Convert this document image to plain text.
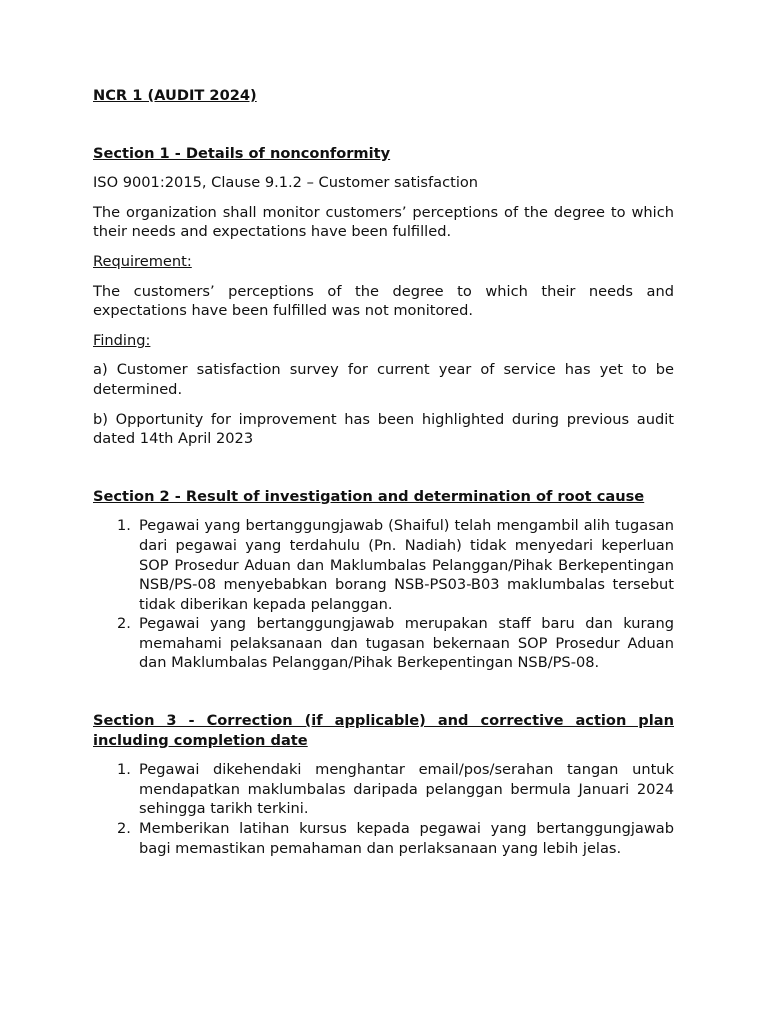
NCR 1 (AUDIT 2024)
Section 1 - Details of nonconformity

ISO 9001:2015, Clause 9.1.2 – Customer satisfaction

The organization shall monitor customers’ perceptions of the degree to which their needs and expectations have been fulfilled.

Requirement:

The customers’ perceptions of the degree to which their needs and expectations have been fulfilled was not monitored.

Finding:

a) Customer satisfaction survey for current year of service has yet to be determined.

b) Opportunity for improvement has been highlighted during previous audit dated 14th April 2023

Section 2 - Result of investigation and determination of root cause
1. Pegawai yang bertanggungjawab (Shaiful) telah mengambil alih tugasan dari pegawai yang terdahulu (Pn. Nadiah) tidak menyedari keperluan SOP Prosedur Aduan dan Maklumbalas Pelanggan/Pihak Berkepentingan NSB/PS-08 menyebabkan borang NSB-PS03-B03 maklumbalas tersebut tidak diberikan kepada pelanggan.
2. Pegawai yang bertanggungjawab merupakan staff baru dan kurang memahami pelaksanaan dan tugasan bekernaan SOP Prosedur Aduan dan Maklumbalas Pelanggan/Pihak Berkepentingan NSB/PS-08.
Section 3 - Correction (if applicable) and corrective action plan including completion date
1. Pegawai dikehendaki menghantar email/pos/serahan tangan untuk mendapatkan maklumbalas daripada pelanggan bermula Januari 2024 sehingga tarikh terkini.
2. Memberikan latihan kursus kepada pegawai yang bertanggungjawab bagi memastikan pemahaman dan perlaksanaan yang lebih jelas.
